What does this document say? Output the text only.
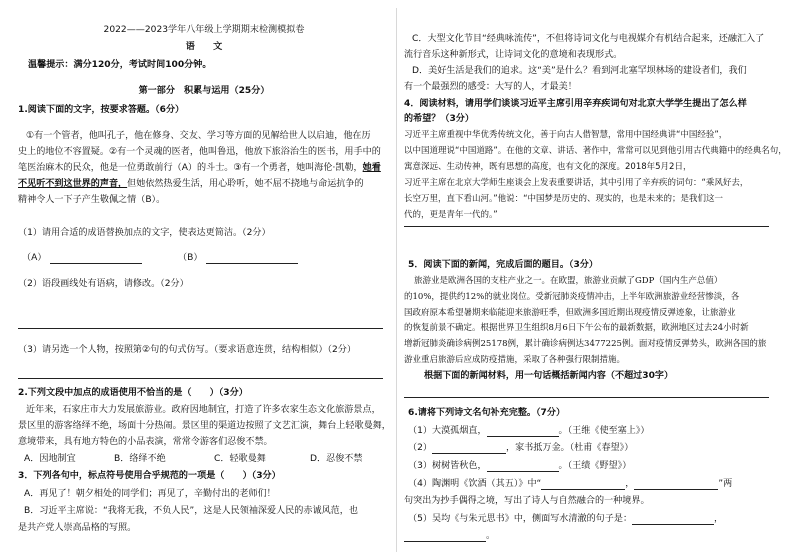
2022——2023学年八年级上学期期末检测模拟卷
语　　文
温馨提示：满分120分，考试时间100分钟。
第一部分　积累与运用（25分）
1.阅读下面的文字，按要求答题。（6分）
①有一个管者，他叫孔子，他在修身、交友、学习等方面的见解给世人以启迪，他在历
史上的地位不容置疑。②有一个灵魂的医者，他叫鲁迅，他放下旅浴治生的医书，用手中的
笔医治麻木的民众，他是一位勇敢前行（A）的斗士。③有一个勇者，她叫海伦·凯勒，她看
不见听不到这世界的声音，但她依然热爱生活，用心聆听，她不屈不挠地与命运抗争的
精神令人一下子产生敬佩之情（B）。
（1）请用合适的成语替换加点的文字，使表达更简洁。（2分）
（A）	（B）
（2）语段画线处有语病，请修改。（2分）
（3）请另选一个人物，按照第②句的句式仿写。（要求语意连贯，结构相似）（2分）
2.下列文段中加点的成语使用不恰当的是（　　）（3分）
近年来，石家庄市大力发展旅游业。政府因地制宜，打造了许多农家生态文化旅游景点，
景区里的游客络绎不绝，场面十分热闹。景区里的渠道边按照了文艺汇演，舞台上轻歌曼舞，
意境带来，具有地方特色的小品表演，常常令游客们忍俊不禁。
A．因地制宜	B．络绎不绝	C．轻歌曼舞	D．忍俊不禁
3．下列各句中，标点符号使用合乎规范的一项是（　　）（3分）
A．再见了！朝夕相处的同学们；再见了，辛勤付出的老师们！
B．习近平主席说：“我将无我，不负人民”，这是人民领袖深爱人民的赤诚风范，也
是共产党人崇高品格的写照。
C．大型文化节目“经典咏流传”，不但将诗词文化与电视媒介有机结合起来，还融汇入了
流行音乐这种新形式，让诗词文化的意境和表现形式。
D．美好生活是我们的追求。这“美”是什么？看到河北塞罕坝林场的建设者们，我们
有一个最强烈的感受：大写的人，才最美！
4．阅读材料，请用学们谈谈习近平主席引用辛弃疾词句对北京大学学生提出了怎么样
的希望？（3分）
习近平主席重视中华优秀传统文化，善于向古人借智慧，常用中国经典讲“中国经验”，
以中国道理说“中国道路”。在他的文章、讲话、著作中，常常可以见到他引用古代典籍中的经典名句，
寓意深远、生动传神，既有思想的高度，也有文化的深度。2018年5月2日，
习近平主席在北京大学师生座谈会上发表重要讲话，其中引用了辛弃疾的词句：“乘风好去，
长空万里，直下看山河。”他说：“中国梦是历史的、现实的，也是未来的；是我们这一
代的，更是青年一代的。”
5．阅读下面的新闻，完成后面的题目。（3分）
旅游业是欧洲各国的支柱产业之一。在欧盟，旅游业贡献了GDP（国内生产总值）
的10%，提供约12%的就业岗位。受新冠肺炎疫情冲击，上半年欧洲旅游业经营惨淡，各
国政府原本希望暑期来临能迎来旅游旺季，但欧洲多国近期出现疫情反弹迹象，让旅游业
的恢复前景不确定。根据世界卫生组织8月6日下午公布的最新数据，欧洲地区过去24小时新
增新冠肺炎确诊病例25178例，累计确诊病例达3477225例。面对疫情反弹势头，欧洲各国的旅
游业重启旅游后应成防疫措施，采取了各种强行限制措施。
根据下面的新闻材料，用一句话概括新闻内容（不超过30字）
6.请将下列诗文名句补充完整。（7分）
（1）大漠孤烟直，	。（王维《使至塞上》）
（2）	，家书抵万金。（杜甫《春望》）
（3）树树皆秋色，	。（王绩《野望》）
（4）陶渊明《饮酒（其五）》中“	，	”两
句突出为抄手偶得之境，写出了诗人与自然融合的一种境界。
（5）吴均《与朱元思书》中，侧面写水清澈的句子是：	，
。
